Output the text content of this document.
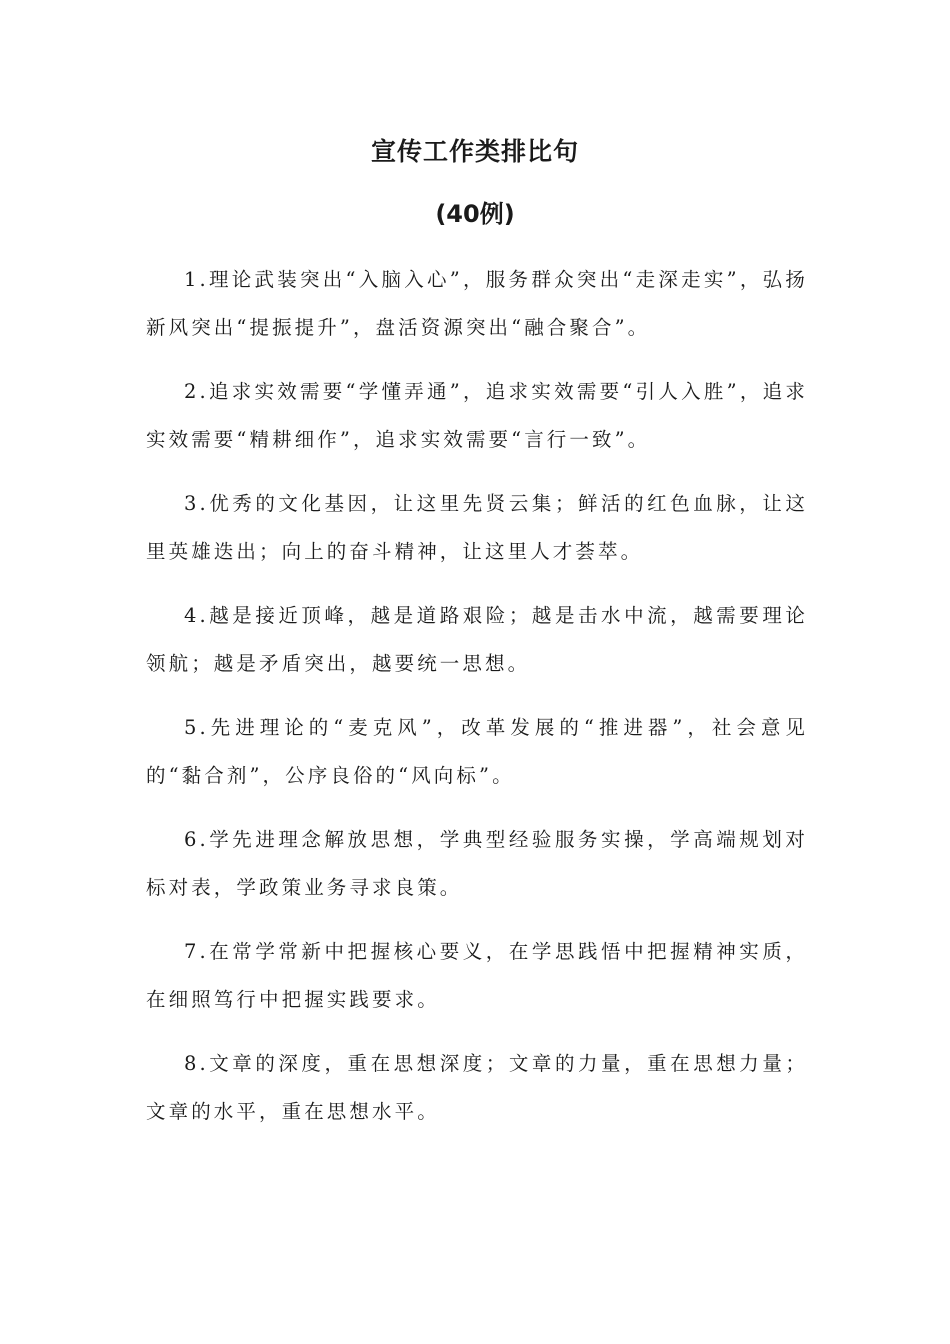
宣传工作类排比句
(40例)

1.理论武装突出“入脑入心”，服务群众突出“走深走实”，弘扬新风突出“提振提升”，盘活资源突出“融合聚合”。

2.追求实效需要“学懂弄通”，追求实效需要“引人入胜”，追求实效需要“精耕细作”，追求实效需要“言行一致”。

3.优秀的文化基因，让这里先贤云集；鲜活的红色血脉，让这里英雄迭出；向上的奋斗精神，让这里人才荟萃。

4.越是接近顶峰，越是道路艰险；越是击水中流，越需要理论领航；越是矛盾突出，越要统一思想。

5.先进理论的“麦克风”，改革发展的“推进器”，社会意见的“黏合剂”，公序良俗的“风向标”。

6.学先进理念解放思想，学典型经验服务实操，学高端规划对标对表，学政策业务寻求良策。

7.在常学常新中把握核心要义，在学思践悟中把握精神实质，在细照笃行中把握实践要求。

8.文章的深度，重在思想深度；文章的力量，重在思想力量；文章的水平，重在思想水平。
